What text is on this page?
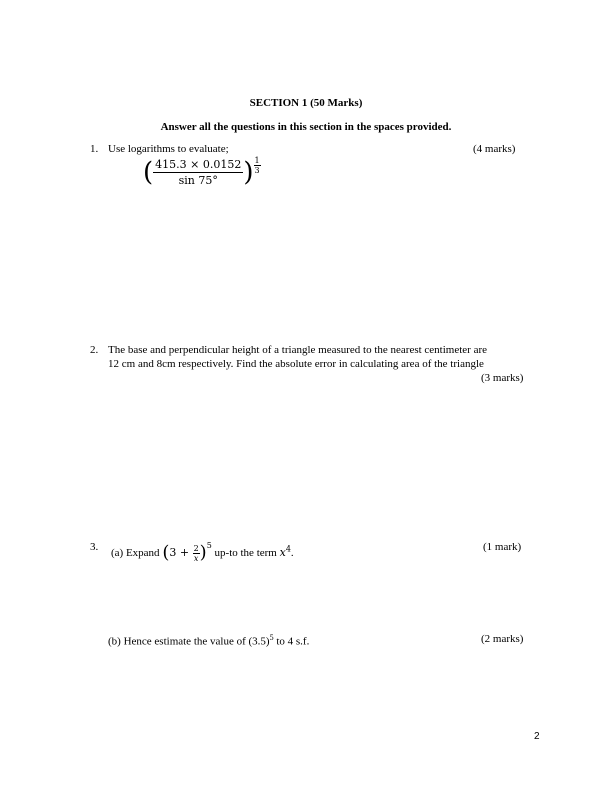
SECTION 1 (50 Marks)
Answer all the questions in this section in the spaces provided.
1. Use logarithms to evaluate;	(4 marks)
( $\frac{415.3 \times 0.0152}{\sin 75^\circ}$ ) $\frac{1}{3}$
2. The base and perpendicular height of a triangle measured to the nearest centimeter are
12 cm and 8cm respectively. Find the absolute error in calculating area of the triangle
(3 marks)
3. (a) Expand $(3 + \frac{2}{x} )^5$ up-to the term $x^4$.	(1 mark)
(b) Hence estimate the value of $(3.5)^5$ to 4 s.f.	(2 marks)
2
